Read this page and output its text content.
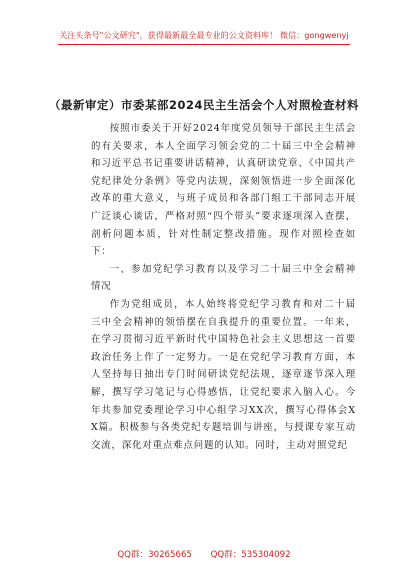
关注头条号"公文研究"，获得最新最全最专业的公文资料库！ 微信：gongwenyj
（最新审定）市委某部2024民主生活会个人对照检查材料

按照市委关于开好2024年度党员领导干部民主生活会的有关要求，本人全面学习领会党的二十届三中全会精神和习近平总书记重要讲话精神，认真研读党章、《中国共产党纪律处分条例》等党内法规，深刻领悟进一步全面深化改革的重大意义，与班子成员和各部门组工干部同志开展广泛谈心谈话，严格对照“四个带头”要求逐项深入查摆，剖析问题本质，针对性制定整改措施。现作对照检查如下：

一、参加党纪学习教育以及学习二十届三中全会精神情况

作为党组成员，本人始终将党纪学习教育和对二十届三中全会精神的领悟摆在自我提升的重要位置。一年来，在学习贯彻习近平新时代中国特色社会主义思想这一首要政治任务上作了一定努力。一是在党纪学习教育方面，本人坚持每日抽出专门时间研读党纪法规，逐章逐节深入理解，撰写学习笔记与心得感悟，让党纪要求入脑入心。今年共参加党委理论学习中心组学习XX次，撰写心得体会XX篇。积极参与各类党纪专题培训与讲座，与授课专家互动交流，深化对重点难点问题的认知。同时，主动对照党纪

QQ群：30265665 QQ群：535304092
